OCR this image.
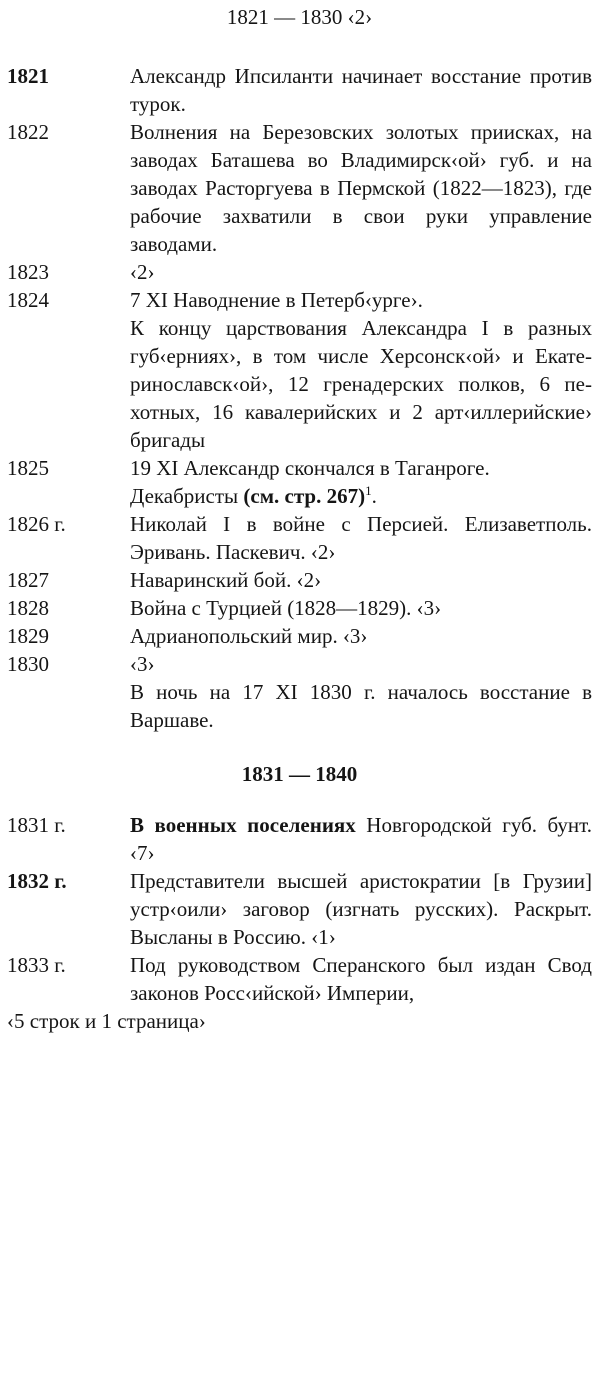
1821 — 1830 ‹2›
1821	Александр Ипсиланти начинает восстание против турок.

1822	Волнения на Березовских золотых приисках, на заводах Баташева во Владимирск‹ой› губ. и на заводах Расторгуева в Пермской (1822—1823), где рабочие захватили в свои руки управление заводами.

1823	‹2›

1824	7 XI Наводнение в Петерб‹урге›.

К концу царствования Александра I в разных губ‹ерниях›, в том числе Херсонск‹ой› и Екатеринославск‹ой›, 12 гренадерских полков, 6 пехотных, 16 кавалерийских и 2 арт‹иллерийские› бригады

1825	19 XI Александр скончался в Таганроге.

Декабристы (см. стр. 267)$^1$.

1826 г.	Николай I в войне с Персией. Елизаветполь. Эривань. Паскевич. ‹2›

1827	Наваринский бой. ‹2›

1828	Война с Турцией (1828—1829). ‹3›

1829	Адрианопольский мир. ‹3›

1830	‹3›

В ночь на 17 XI 1830 г. началось восстание в Варшаве.

1831 — 1840
1831 г.	В военных поселениях Новгородской губ. бунт. ‹7›

1832 г.	Представители высшей аристократии [в Грузии] устр‹оили› заговор (изгнать русских). Раскрыт. Высланы в Россию. ‹1›

1833 г.	Под руководством Сперанского был издан Свод законов Росс‹ийской› Империи,

‹5 строк и 1 страница›
